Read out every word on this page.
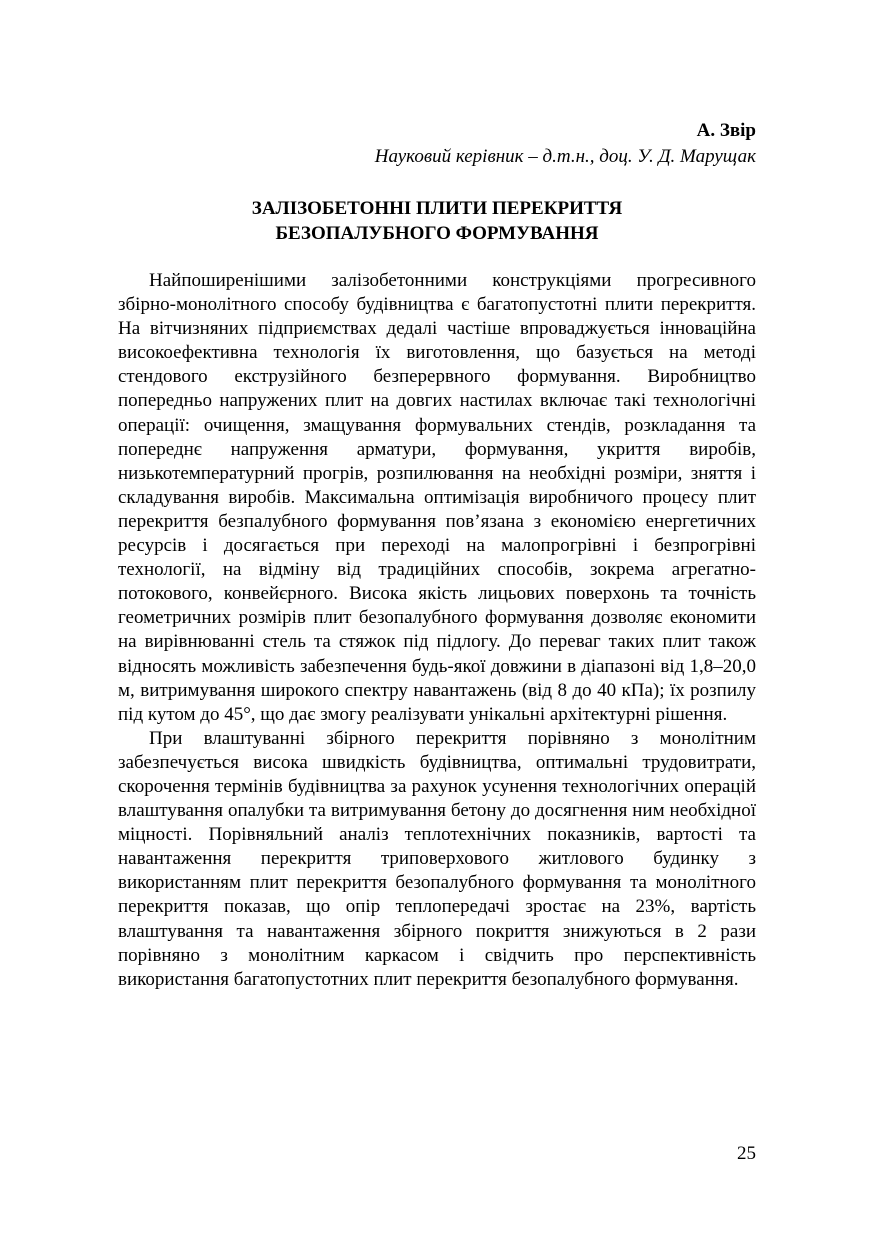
А. Звір
Науковий керівник – д.т.н., доц. У. Д. Марущак
ЗАЛІЗОБЕТОННІ ПЛИТИ ПЕРЕКРИТТЯ
БЕЗОПАЛУБНОГО ФОРМУВАННЯ

Найпоширенішими залізобетонними конструкціями прогресивного збірно-монолітного способу будівництва є багатопустотні плити перекриття. На вітчизняних підприємствах дедалі частіше впроваджується інноваційна високоефективна технологія їх виготовлення, що базується на методі стендового екструзійного безперервного формування. Виробництво попередньо напружених плит на довгих настилах включає такі технологічні операції: очищення, змащування формувальних стендів, розкладання та попереднє напруження арматури, формування, укриття виробів, низькотемпературний прогрів, розпилювання на необхідні розміри, зняття і складування виробів. Максимальна оптимізація виробничого процесу плит перекриття безпалубного формування пов’язана з економією енергетичних ресурсів і досягається при переході на малопрогрівні і безпрогрівні технології, на відміну від традиційних способів, зокрема агрегатно-потокового, конвейєрного. Висока якість лицьових поверхонь та точність геометричних розмірів плит безопалубного формування дозволяє економити на вирівнюванні стель та стяжок під підлогу. До переваг таких плит також відносять можливість забезпечення будь-якої довжини в діапазоні від 1,8–20,0 м, витримування широкого спектру навантажень (від 8 до 40 кПа); їх розпилу під кутом до 45°, що дає змогу реалізувати унікальні архітектурні рішення.

При влаштуванні збірного перекриття порівняно з монолітним забезпечується висока швидкість будівництва, оптимальні трудовитрати, скорочення термінів будівництва за рахунок усунення технологічних операцій влаштування опалубки та витримування бетону до досягнення ним необхідної міцності. Порівняльний аналіз теплотехнічних показників, вартості та навантаження перекриття триповерхового житлового будинку з використанням плит перекриття безопалубного формування та монолітного перекриття показав, що опір теплопередачі зростає на 23%, вартість влаштування та навантаження збірного покриття знижуються в 2 рази порівняно з монолітним каркасом і свідчить про перспективність використання багатопустотних плит перекриття безопалубного формування.

25
